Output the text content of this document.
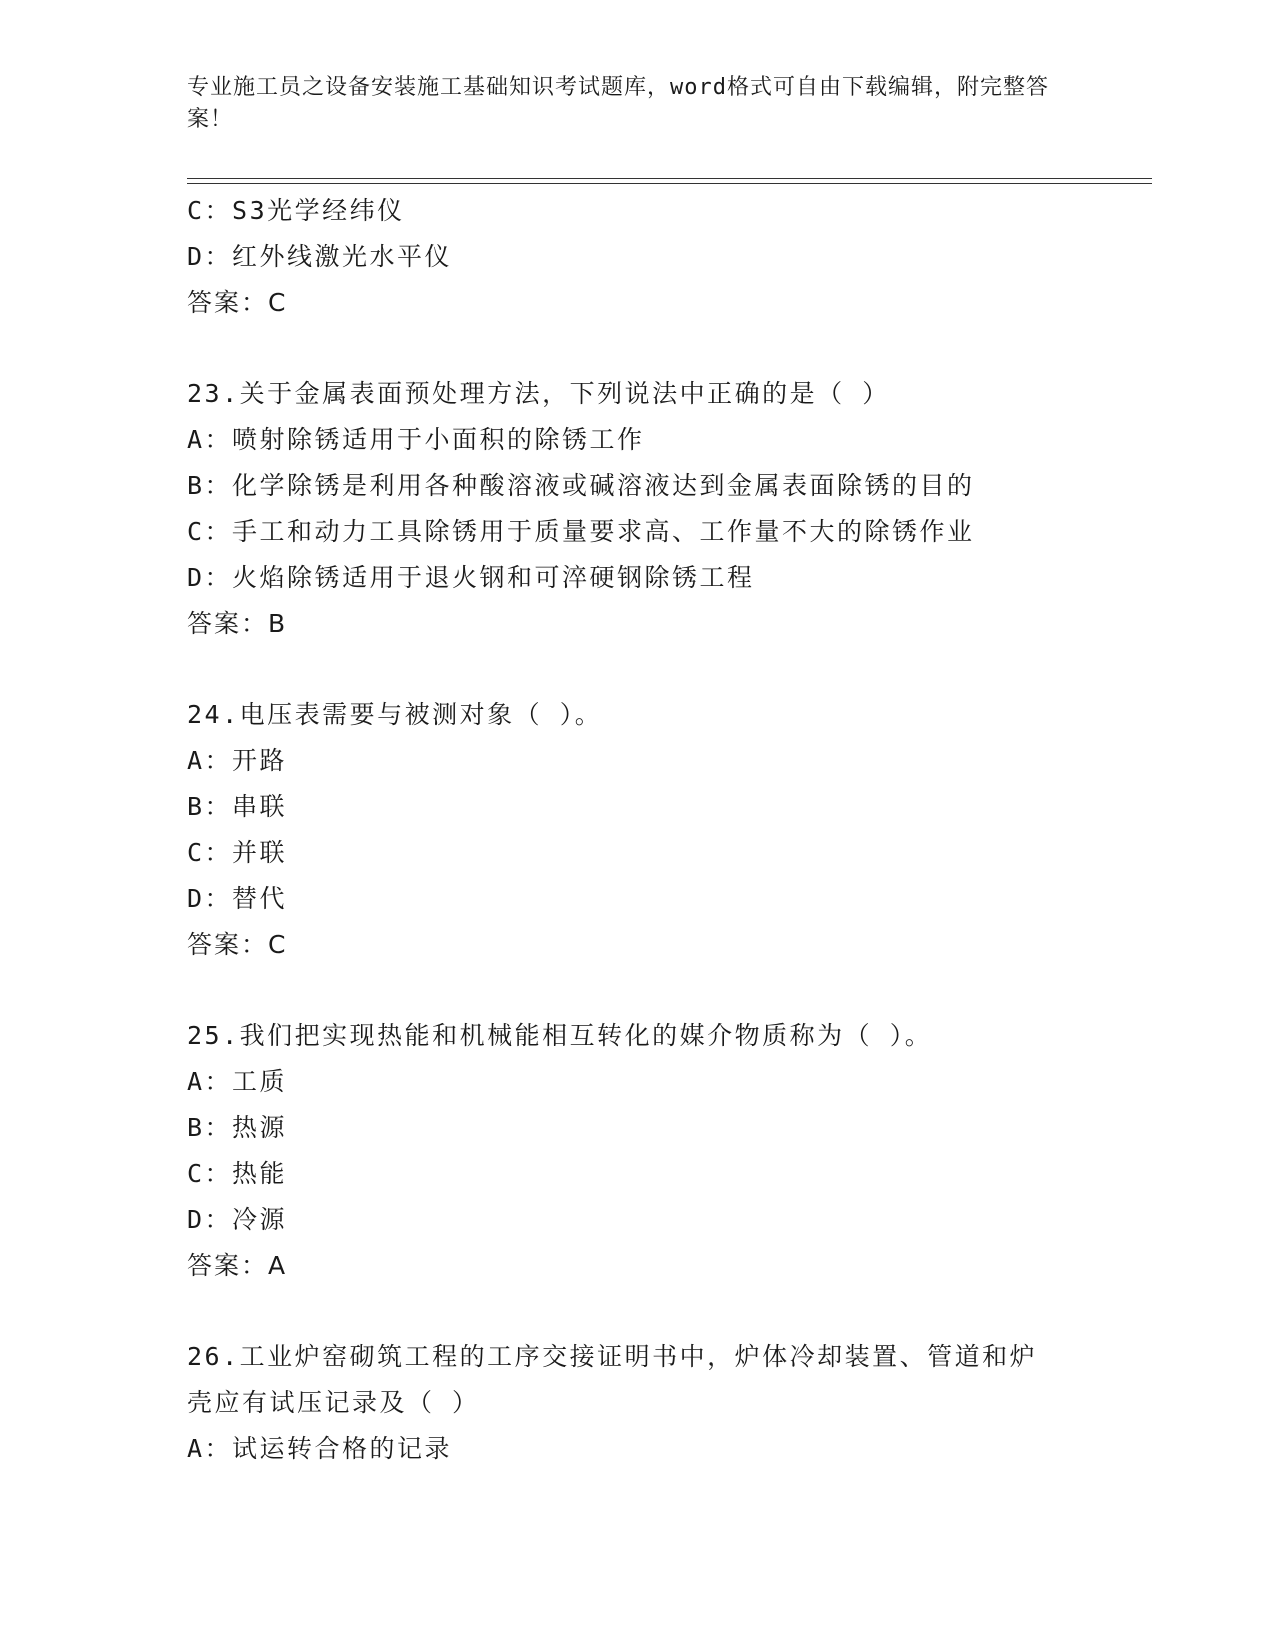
专业施工员之设备安装施工基础知识考试题库，word格式可自由下载编辑，附完整答案！
C：S3光学经纬仪
D：红外线激光水平仪
答案：C
23.关于金属表面预处理方法，下列说法中正确的是（ ）
A：喷射除锈适用于小面积的除锈工作
B：化学除锈是利用各种酸溶液或碱溶液达到金属表面除锈的目的
C：手工和动力工具除锈用于质量要求高、工作量不大的除锈作业
D：火焰除锈适用于退火钢和可淬硬钢除锈工程
答案：B
24.电压表需要与被测对象（ ）。
A：开路
B：串联
C：并联
D：替代
答案：C
25.我们把实现热能和机械能相互转化的媒介物质称为（ ）。
A：工质
B：热源
C：热能
D：冷源
答案：A
26.工业炉窑砌筑工程的工序交接证明书中，炉体冷却装置、管道和炉
壳应有试压记录及（ ）
A：试运转合格的记录
